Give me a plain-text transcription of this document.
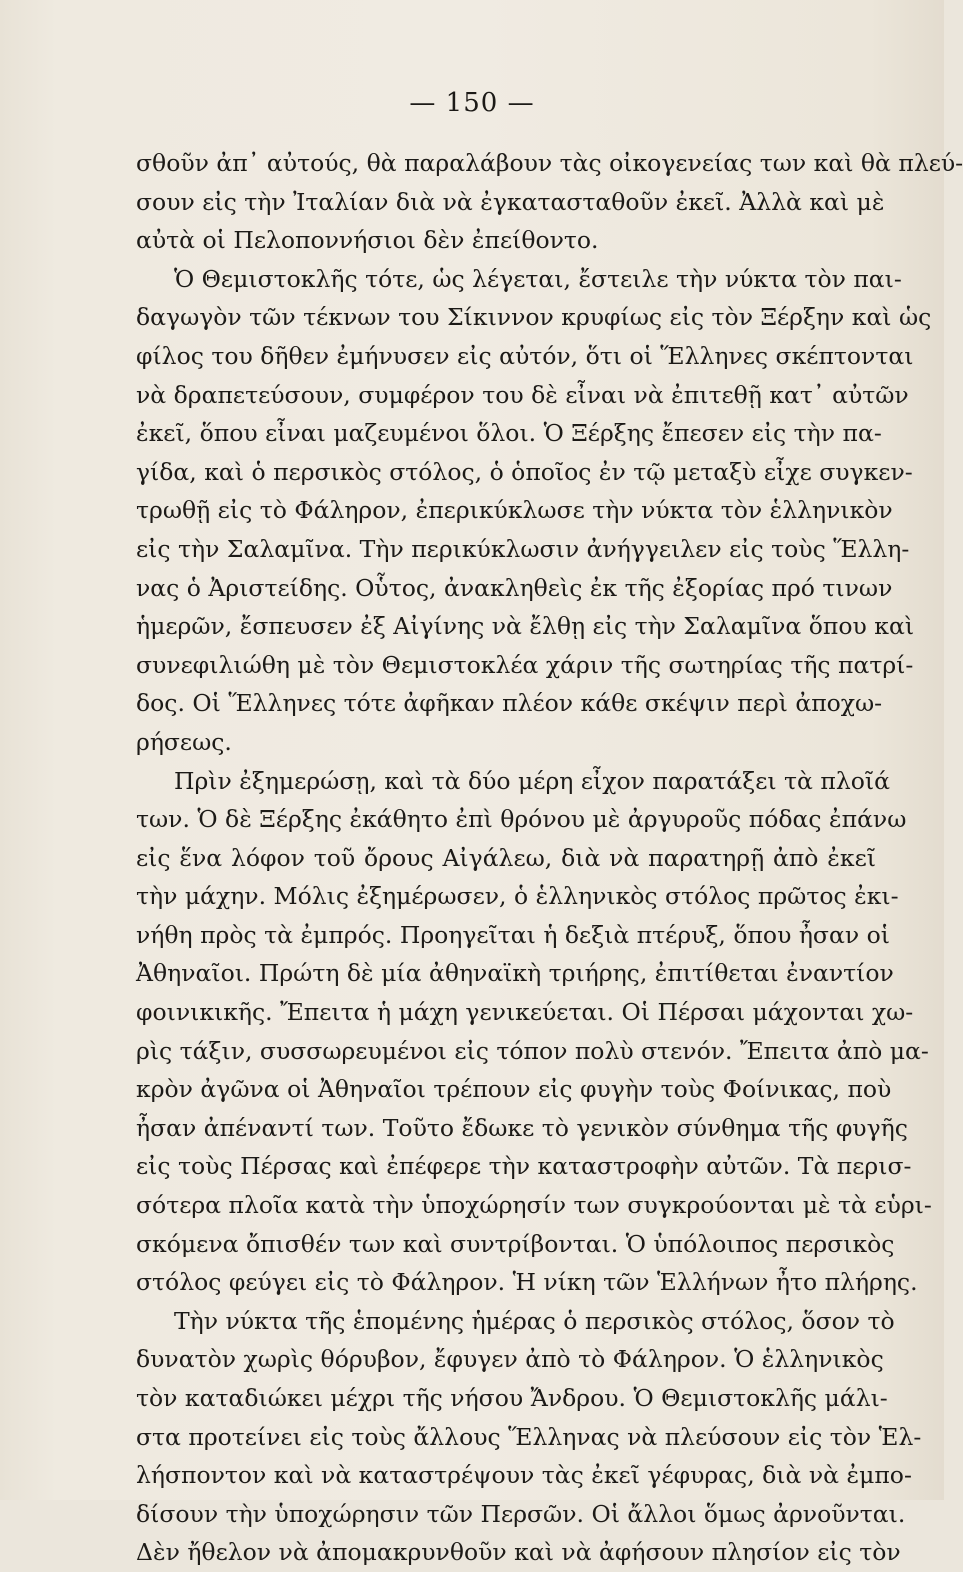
— 150 —
σθοῦν ἀπ᾽ αὐτούς, θὰ παραλάβουν τὰς οἰκογενείας των καὶ θὰ πλεύ-
σουν εἰς τὴν Ἰταλίαν διὰ νὰ ἐγκατασταθοῦν ἐκεῖ. Ἀλλὰ καὶ μὲ
αὐτὰ οἱ Πελοποννήσιοι δὲν ἐπείθοντο.
Ὁ Θεμιστοκλῆς τότε, ὡς λέγεται, ἔστειλε τὴν νύκτα τὸν παι-
δαγωγὸν τῶν τέκνων του Σίκιννον κρυφίως εἰς τὸν Ξέρξην καὶ ὡς
φίλος του δῆθεν ἐμήνυσεν εἰς αὐτόν, ὅτι οἱ Ἕλληνες σκέπτονται
νὰ δραπετεύσουν, συμφέρον του δὲ εἶναι νὰ ἐπιτεθῇ κατ᾽ αὐτῶν
ἐκεῖ, ὅπου εἶναι μαζευμένοι ὅλοι. Ὁ Ξέρξης ἔπεσεν εἰς τὴν πα-
γίδα, καὶ ὁ περσικὸς στόλος, ὁ ὁποῖος ἐν τῷ μεταξὺ εἶχε συγκεν-
τρωθῇ εἰς τὸ Φάληρον, ἐπερικύκλωσε τὴν νύκτα τὸν ἑλληνικὸν
εἰς τὴν Σαλαμῖνα. Τὴν περικύκλωσιν ἀνήγγειλεν εἰς τοὺς Ἕλλη-
νας ὁ Ἀριστείδης. Οὗτος, ἀνακληθεὶς ἐκ τῆς ἐξορίας πρό τινων
ἡμερῶν, ἔσπευσεν ἐξ Αἰγίνης νὰ ἔλθῃ εἰς τὴν Σαλαμῖνα ὅπου καὶ
συνεφιλιώθη μὲ τὸν Θεμιστοκλέα χάριν τῆς σωτηρίας τῆς πατρί-
δος. Οἱ Ἕλληνες τότε ἀφῆκαν πλέον κάθε σκέψιν περὶ ἀποχω-
ρήσεως.
Πρὶν ἐξημερώσῃ, καὶ τὰ δύο μέρη εἶχον παρατάξει τὰ πλοῖά
των. Ὁ δὲ Ξέρξης ἐκάθητο ἐπὶ θρόνου μὲ ἀργυροῦς πόδας ἐπάνω
εἰς ἕνα λόφον τοῦ ὄρους Αἰγάλεω, διὰ νὰ παρατηρῇ ἀπὸ ἐκεῖ
τὴν μάχην. Μόλις ἐξημέρωσεν, ὁ ἑλληνικὸς στόλος πρῶτος ἐκι-
νήθη πρὸς τὰ ἐμπρός. Προηγεῖται ἡ δεξιὰ πτέρυξ, ὅπου ἦσαν οἱ
Ἀθηναῖοι. Πρώτη δὲ μία ἀθηναϊκὴ τριήρης, ἐπιτίθεται ἐναντίον
φοινικικῆς. Ἔπειτα ἡ μάχη γενικεύεται. Οἱ Πέρσαι μάχονται χω-
ρὶς τάξιν, συσσωρευμένοι εἰς τόπον πολὺ στενόν. Ἔπειτα ἀπὸ μα-
κρὸν ἀγῶνα οἱ Ἀθηναῖοι τρέπουν εἰς φυγὴν τοὺς Φοίνικας, ποὺ
ἦσαν ἀπέναντί των. Τοῦτο ἔδωκε τὸ γενικὸν σύνθημα τῆς φυγῆς
εἰς τοὺς Πέρσας καὶ ἐπέφερε τὴν καταστροφὴν αὐτῶν. Τὰ περισ-
σότερα πλοῖα κατὰ τὴν ὑποχώρησίν των συγκρούονται μὲ τὰ εὑρι-
σκόμενα ὄπισθέν των καὶ συντρίβονται. Ὁ ὑπόλοιπος περσικὸς
στόλος φεύγει εἰς τὸ Φάληρον. Ἡ νίκη τῶν Ἑλλήνων ἦτο πλήρης.
Τὴν νύκτα τῆς ἑπομένης ἡμέρας ὁ περσικὸς στόλος, ὅσον τὸ
δυνατὸν χωρὶς θόρυβον, ἔφυγεν ἀπὸ τὸ Φάληρον. Ὁ ἑλληνικὸς
τὸν καταδιώκει μέχρι τῆς νήσου Ἄνδρου. Ὁ Θεμιστοκλῆς μάλι-
στα προτείνει εἰς τοὺς ἄλλους Ἕλληνας νὰ πλεύσουν εἰς τὸν Ἑλ-
λήσποντον καὶ νὰ καταστρέψουν τὰς ἐκεῖ γέφυρας, διὰ νὰ ἐμπο-
δίσουν τὴν ὑποχώρησιν τῶν Περσῶν. Οἱ ἄλλοι ὅμως ἀρνοῦνται.
Δὲν ἤθελον νὰ ἀπομακρυνθοῦν καὶ νὰ ἀφήσουν πλησίον εἰς τὸν
